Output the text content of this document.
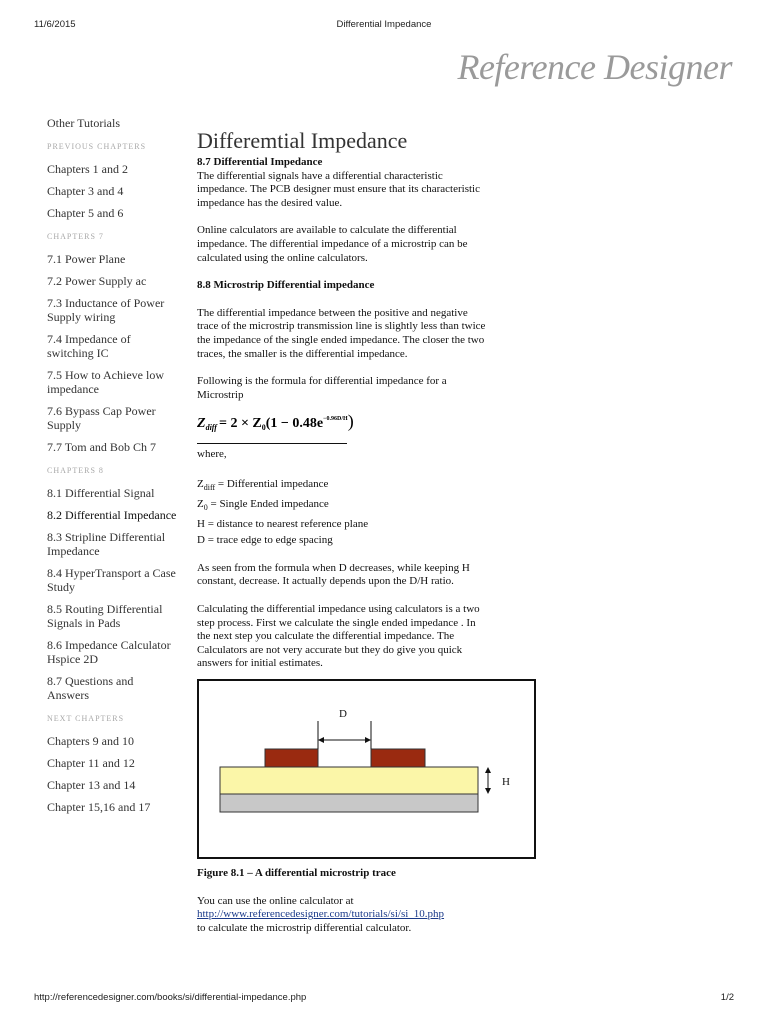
11/6/2015	Differential Impedance
Reference Designer
Other Tutorials
PREVIOUS CHAPTERS
Chapters 1 and 2
Chapter 3 and 4
Chapter 5 and 6
CHAPTERS 7
7.1 Power Plane
7.2 Power Supply ac
7.3 Inductance of Power Supply wiring
7.4 Impedance of switching IC
7.5 How to Achieve low impedance
7.6 Bypass Cap Power Supply
7.7 Tom and Bob Ch 7
CHAPTERS 8
8.1 Differential Signal
8.2 Differential Impedance
8.3 Stripline Differential Impedance
8.4 HyperTransport a Case Study
8.5 Routing Differential Signals in Pads
8.6 Impedance Calculator Hspice 2D
8.7 Questions and Answers
NEXT CHAPTERS
Chapters 9 and 10
Chapter 11 and 12
Chapter 13 and 14
Chapter 15,16 and 17
Differemtial Impedance
8.7 Differential Impedance

The differential signals have a differential characteristic impedance. The PCB designer must ensure that its characteristic impedance has the desired value.

Online calculators are available to calculate the differential impedance. The differential impedance of a microstrip can be calculated using the online calculators.

8.8 Microstrip Differential impedance

The differential impedance between the positive and negative trace of the microstrip transmission line is slightly less than twice the impedance of the single ended impedance. The closer the two traces, the smaller is the differential impedance.

Following is the formula for differential impedance for a Microstrip

$Z_{diff} = 2 \times Z_0(1 - 0.48e^{-0.96D/H})$
where,
$Z_{diff}$ = Differential impedance
$Z_0$ = Single Ended impedance
H = distance to nearest reference plane
D = trace edge to edge spacing

As seen from the formula when D decreases, while keeping H constant, decrease. It actually depends upon the D/H ratio.

Calculating the differential impedance using calculators is a two step process. First we calculate the single ended impedance . In the next step you calculate the differential impedance. The Calculators are not very accurate but they do give you quick answers for initial estimates.

D
H
Figure 8.1 – A differential microstrip trace

You can use the online calculator at
http://www.referencedesigner.com/tutorials/si/si_10.php
to calculate the microstrip differential calculator.

http://referencedesigner.com/books/si/differential-impedance.php	1/2
